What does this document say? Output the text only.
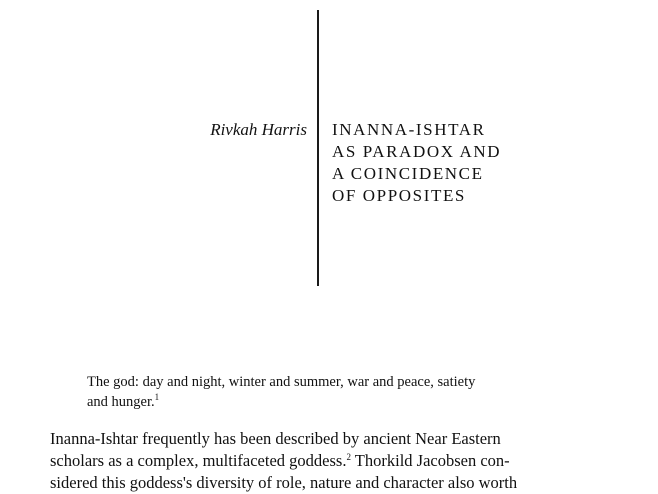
Rivkah Harris INANNA-ISHTAR
AS PARADOX AND
A COINCIDENCE
OF OPPOSITES
The god: day and night, winter and summer, war and peace, satiety
and hunger.$^1$
Inanna-Ishtar frequently has been described by ancient Near Eastern
scholars as a complex, multifaceted goddess.$^2$ Thorkild Jacobsen con-
sidered this goddess's diversity of role, nature and character also worth
